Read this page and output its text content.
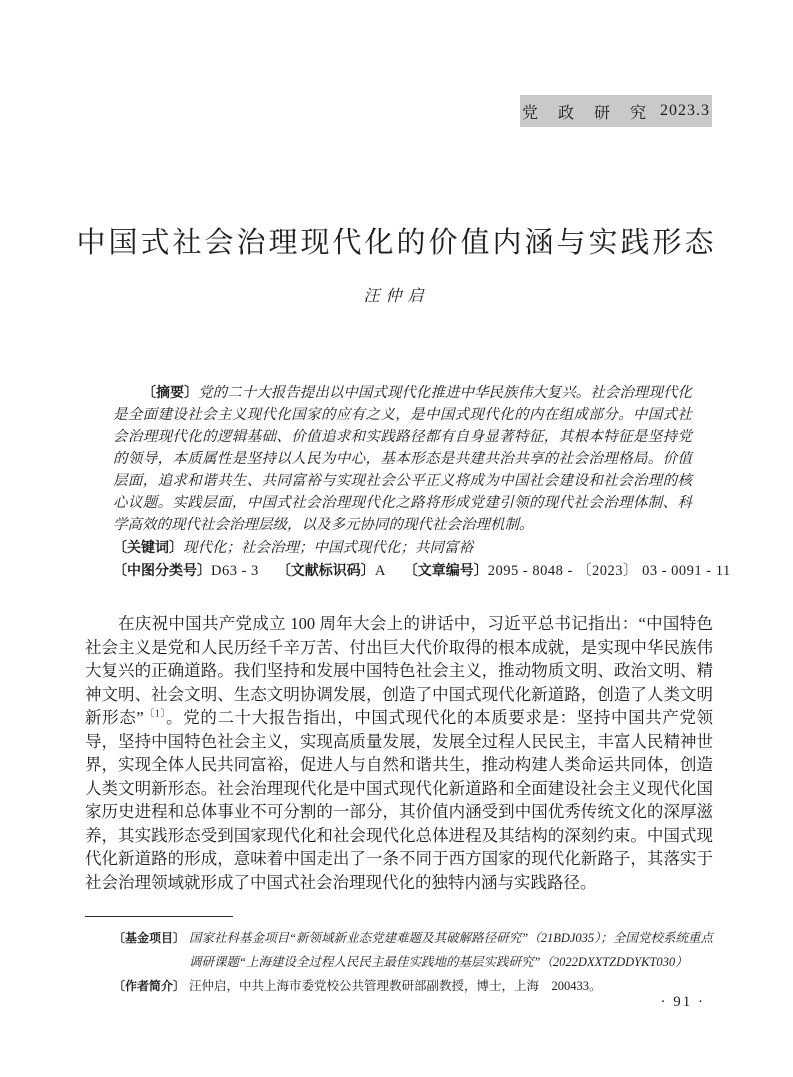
党 政 研 究 2023.3
中国式社会治理现代化的价值内涵与实践形态
汪仲启

〔摘要〕党的二十大报告提出以中国式现代化推进中华民族伟大复兴。社会治理现代化是全面建设社会主义现代化国家的应有之义，是中国式现代化的内在组成部分。中国式社会治理现代化的逻辑基础、价值追求和实践路径都有自身显著特征，其根本特征是坚持党的领导，本质属性是坚持以人民为中心，基本形态是共建共治共享的社会治理格局。价值层面，追求和谐共生、共同富裕与实现社会公平正义将成为中国社会建设和社会治理的核心议题。实践层面，中国式社会治理现代化之路将形成党建引领的现代社会治理体制、科学高效的现代社会治理层级，以及多元协同的现代社会治理机制。

〔关键词〕现代化；社会治理；中国式现代化；共同富裕

〔中图分类号〕D63 - 3 〔文献标识码〕A 〔文章编号〕2095 - 8048 - 〔2023〕 03 - 0091 - 11

在庆祝中国共产党成立 100 周年大会上的讲话中，习近平总书记指出：“中国特色社会主义是党和人民历经千辛万苦、付出巨大代价取得的根本成就，是实现中华民族伟大复兴的正确道路。我们坚持和发展中国特色社会主义，推动物质文明、政治文明、精神文明、社会文明、生态文明协调发展，创造了中国式现代化新道路，创造了人类文明新形态”$^{〔1〕}$。党的二十大报告指出，中国式现代化的本质要求是：坚持中国共产党领导，坚持中国特色社会主义，实现高质量发展，发展全过程人民民主，丰富人民精神世界，实现全体人民共同富裕，促进人与自然和谐共生，推动构建人类命运共同体，创造人类文明新形态。社会治理现代化是中国式现代化新道路和全面建设社会主义现代化国家历史进程和总体事业不可分割的一部分，其价值内涵受到中国优秀传统文化的深厚滋养，其实践形态受到国家现代化和社会现代化总体进程及其结构的深刻约束。中国式现代化新道路的形成，意味着中国走出了一条不同于西方国家的现代化新路子，其落实于社会治理领域就形成了中国式社会治理现代化的独特内涵与实践路径。

〔基金项目〕 国家社科基金项目“新领域新业态党建难题及其破解路径研究”（21BDJ035）；全国党校系统重点调研课题“上海建设全过程人民民主最佳实践地的基层实践研究”（2022DXXTZDDYKT030）
〔作者简介〕 汪仲启，中共上海市委党校公共管理教研部副教授，博士，上海　200433。
· 91 ·
